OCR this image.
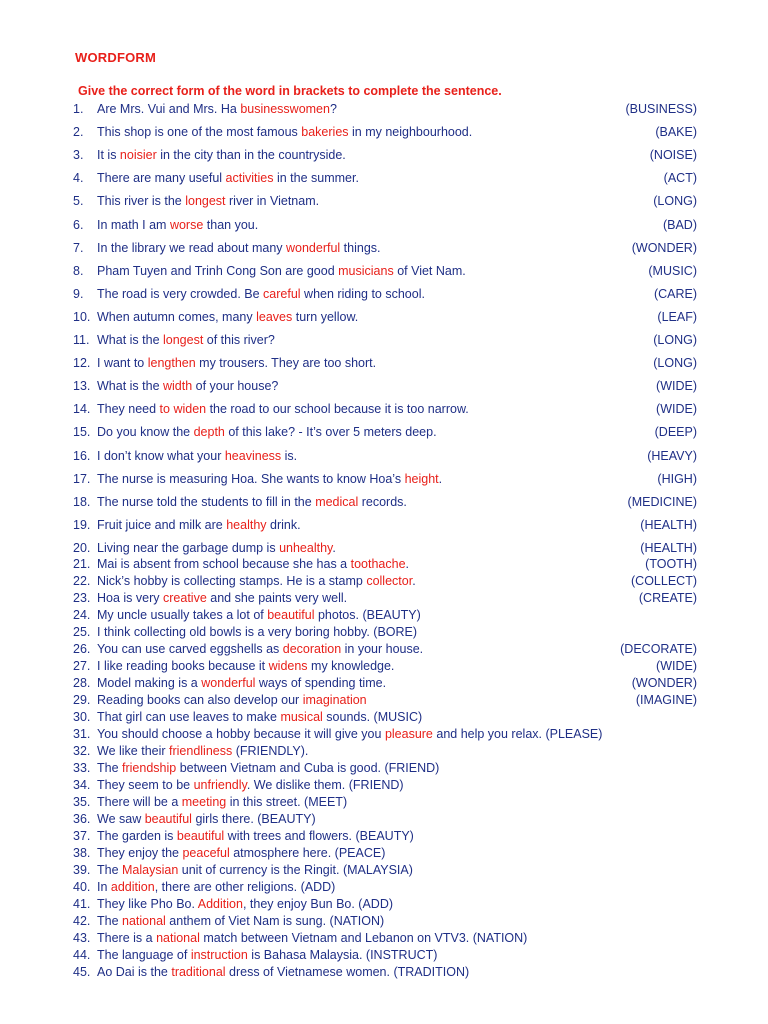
WORDFORM
Give the correct form of the word in brackets to complete the sentence.
1. Are Mrs. Vui and Mrs. Ha businesswomen?	(BUSINESS)
2. This shop is one of the most famous bakeries in my neighbourhood.	(BAKE)
3. It is noisier in the city than in the countryside.	(NOISE)
4. There are many useful activities in the summer.	(ACT)
5. This river is the longest river in Vietnam.	(LONG)
6. In math I am worse than you.	(BAD)
7. In the library we read about many wonderful things.	(WONDER)
8. Pham Tuyen and Trinh Cong Son are good musicians of Viet Nam.	(MUSIC)
9. The road is very crowded. Be careful when riding to school.	(CARE)
10. When autumn comes, many leaves turn yellow.	(LEAF)
11. What is the longest of this river?	(LONG)
12. I want to lengthen my trousers. They are too short.	(LONG)
13. What is the width of your house?	(WIDE)
14. They need to widen the road to our school because it is too narrow.	(WIDE)
15. Do you know the depth of this lake? - It’s over 5 meters deep.	(DEEP)
16. I don’t know what your heaviness is.	(HEAVY)
17. The nurse is measuring Hoa. She wants to know Hoa’s height.	(HIGH)
18. The nurse told the students to fill in the medical records.	(MEDICINE)
19. Fruit juice and milk are healthy drink.	(HEALTH)
20. Living near the garbage dump is unhealthy.	(HEALTH)
21. Mai is absent from school because she has a toothache.	(TOOTH)
22. Nick’s hobby is collecting stamps. He is a stamp collector.	(COLLECT)
23. Hoa is very creative and she paints very well.	(CREATE)
24. My uncle usually takes a lot of beautiful photos. (BEAUTY)
25. I think collecting old bowls is a very boring hobby. (BORE)
26. You can use carved eggshells as decoration in your house.	(DECORATE)
27. I like reading books because it widens my knowledge.	(WIDE)
28. Model making is a wonderful ways of spending time.	(WONDER)
29. Reading books can also develop our imagination	(IMAGINE)
30. That girl can use leaves to make musical sounds. (MUSIC)
31. You should choose a hobby because it will give you pleasure and help you relax. (PLEASE)
32. We like their friendliness (FRIENDLY).
33. The friendship between Vietnam and Cuba is good. (FRIEND)
34. They seem to be unfriendly. We dislike them. (FRIEND)
35. There will be a meeting in this street. (MEET)
36. We saw beautiful girls there. (BEAUTY)
37. The garden is beautiful with trees and flowers. (BEAUTY)
38. They enjoy the peaceful atmosphere here. (PEACE)
39. The Malaysian unit of currency is the Ringit. (MALAYSIA)
40. In addition, there are other religions. (ADD)
41. They like Pho Bo. Addition, they enjoy Bun Bo. (ADD)
42. The national anthem of Viet Nam is sung. (NATION)
43. There is a national match between Vietnam and Lebanon on VTV3. (NATION)
44. The language of instruction is Bahasa Malaysia. (INSTRUCT)
45. Ao Dai is the traditional dress of Vietnamese women. (TRADITION)
